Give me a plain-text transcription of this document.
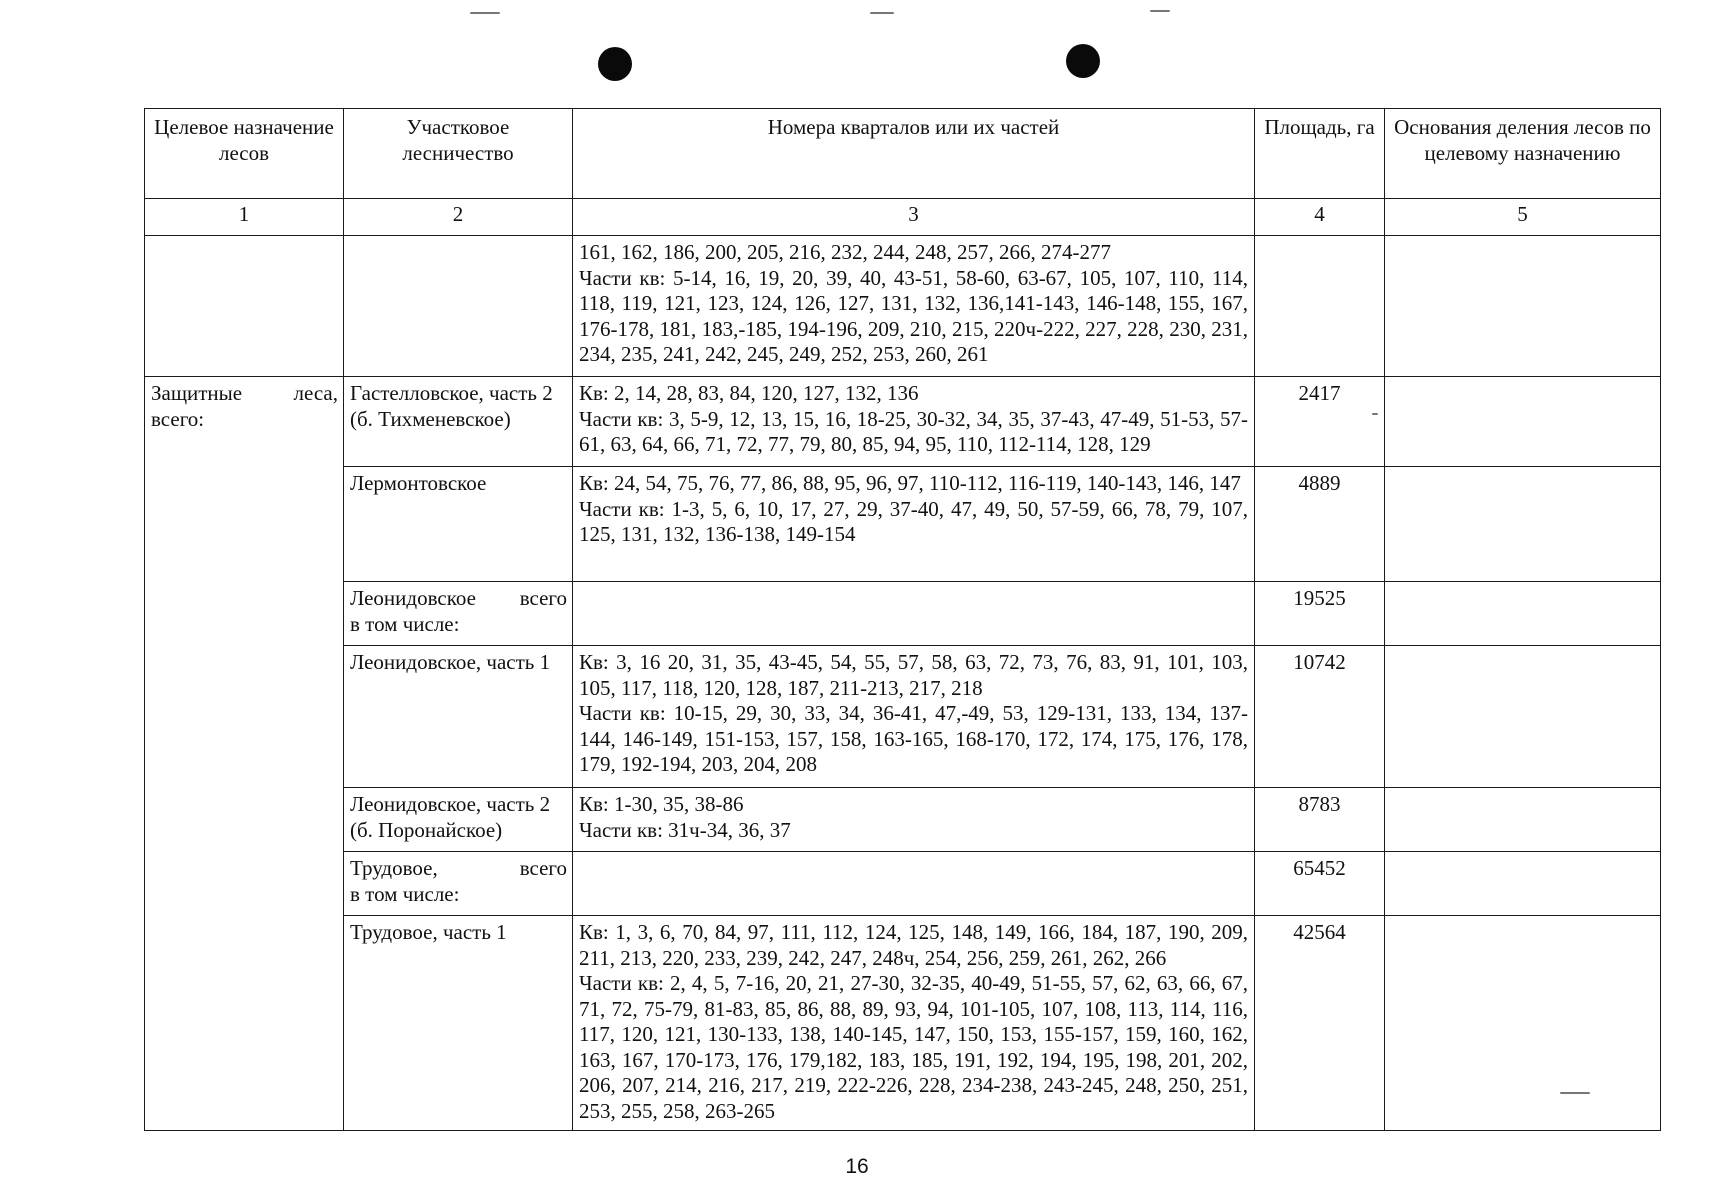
Целевое назначение лесов	Участковое лесничество	Номера кварталов или их частей	Площадь, га	Основания деления лесов по целевому назначению
1	2	3	4	5

		161, 162, 186, 200, 205, 216, 232, 244, 248, 257, 266, 274-277
Части кв: 5-14, 16, 19, 20, 39, 40, 43-51, 58-60, 63-67, 105, 107, 110, 114, 118, 119, 121, 123, 124, 126, 127, 131, 132, 136,141-143, 146-148, 155, 167, 176-178, 181, 183,-185, 194-196, 209, 210, 215, 220ч-222, 227, 228, 230, 231, 234, 235, 241, 242, 245, 249, 252, 253, 260, 261		

Защитные леса,
всего:	Гастелловское, часть 2 (б. Тихменевское)	Кв: 2, 14, 28, 83, 84, 120, 127, 132, 136
Части кв: 3, 5-9, 12, 13, 15, 16, 18-25, 30-32, 34, 35, 37-43, 47-49, 51-53, 57-61, 63, 64, 66, 71, 72, 77, 79, 80, 85, 94, 95, 110, 112-114, 128, 129	2417	
	Лермонтовское	Кв: 24, 54, 75, 76, 77, 86, 88, 95, 96, 97, 110-112, 116-119, 140-143, 146, 147
Части кв: 1-3, 5, 6, 10, 17, 27, 29, 37-40, 47, 49, 50, 57-59, 66, 78, 79, 107, 125, 131, 132, 136-138, 149-154	4889	

	Леонидовское всего
в том числе:		19525	
	Леонидовское, часть 1	Кв: 3, 16 20, 31, 35, 43-45, 54, 55, 57, 58, 63, 72, 73, 76, 83, 91, 101, 103, 105, 117, 118, 120, 128, 187, 211-213, 217, 218
Части кв: 10-15, 29, 30, 33, 34, 36-41, 47,-49, 53, 129-131, 133, 134, 137-144, 146-149, 151-153, 157, 158, 163-165, 168-170, 172, 174, 175, 176, 178, 179, 192-194, 203, 204, 208	10742	
	Леонидовское, часть 2 (б. Поронайское)	Кв: 1-30, 35, 38-86
Части кв: 31ч-34, 36, 37	8783	

	Трудовое, всего
в том числе:		65452	
	Трудовое, часть 1	Кв: 1, 3, 6, 70, 84, 97, 111, 112, 124, 125, 148, 149, 166, 184, 187, 190, 209, 211, 213, 220, 233, 239, 242, 247, 248ч, 254, 256, 259, 261, 262, 266
Части кв: 2, 4, 5, 7-16, 20, 21, 27-30, 32-35, 40-49, 51-55, 57, 62, 63, 66, 67, 71, 72, 75-79, 81-83, 85, 86, 88, 89, 93, 94, 101-105, 107, 108, 113, 114, 116, 117, 120, 121, 130-133, 138, 140-145, 147, 150, 153, 155-157, 159, 160, 162, 163, 167, 170-173, 176, 179,182, 183, 185, 191, 192, 194, 195, 198, 201, 202, 206, 207, 214, 216, 217, 219, 222-226, 228, 234-238, 243-245, 248, 250, 251, 253, 255, 258, 263-265	42564	
16
